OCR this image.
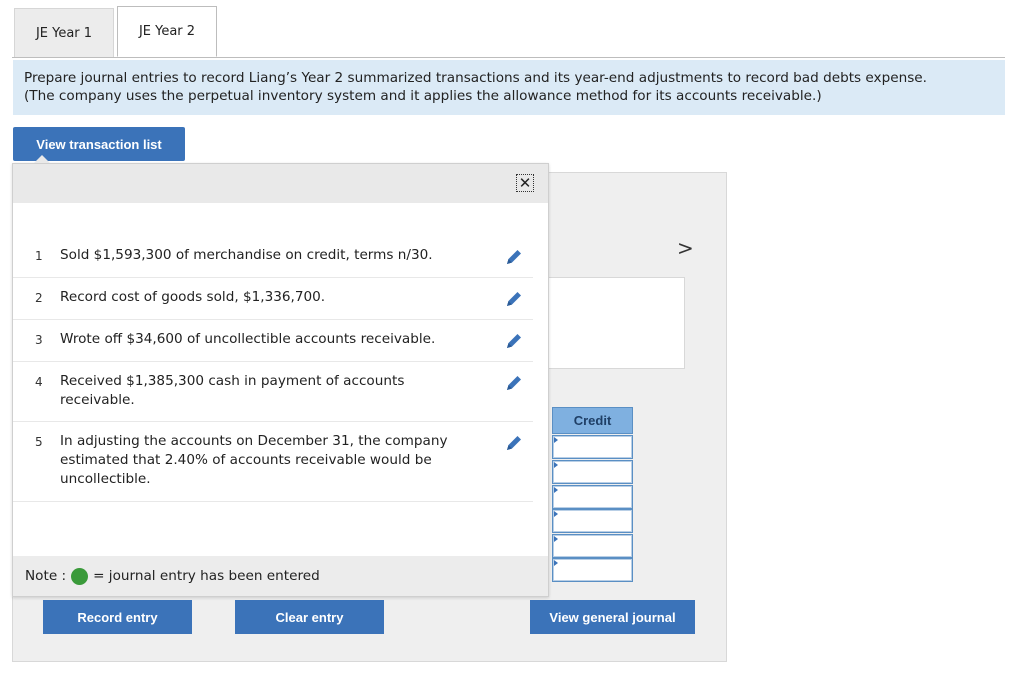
JE Year 1	JE Year 2
Prepare journal entries to record Liang’s Year 2 summarized transactions and its year-end adjustments to record bad debts expense.
(The company uses the perpetual inventory system and it applies the allowance method for its accounts receivable.)
View transaction list
>
Credit
✕
1 Sold $1,593,300 of merchandise on credit, terms n/30.
2 Record cost of goods sold, $1,336,700.
3 Wrote off $34,600 of uncollectible accounts receivable.
4 Received $1,385,300 cash in payment of accounts receivable.
5 In adjusting the accounts on December 31, the company estimated that 2.40% of accounts receivable would be uncollectible.
Note : = journal entry has been entered
Record entry	Clear entry	View general journal
